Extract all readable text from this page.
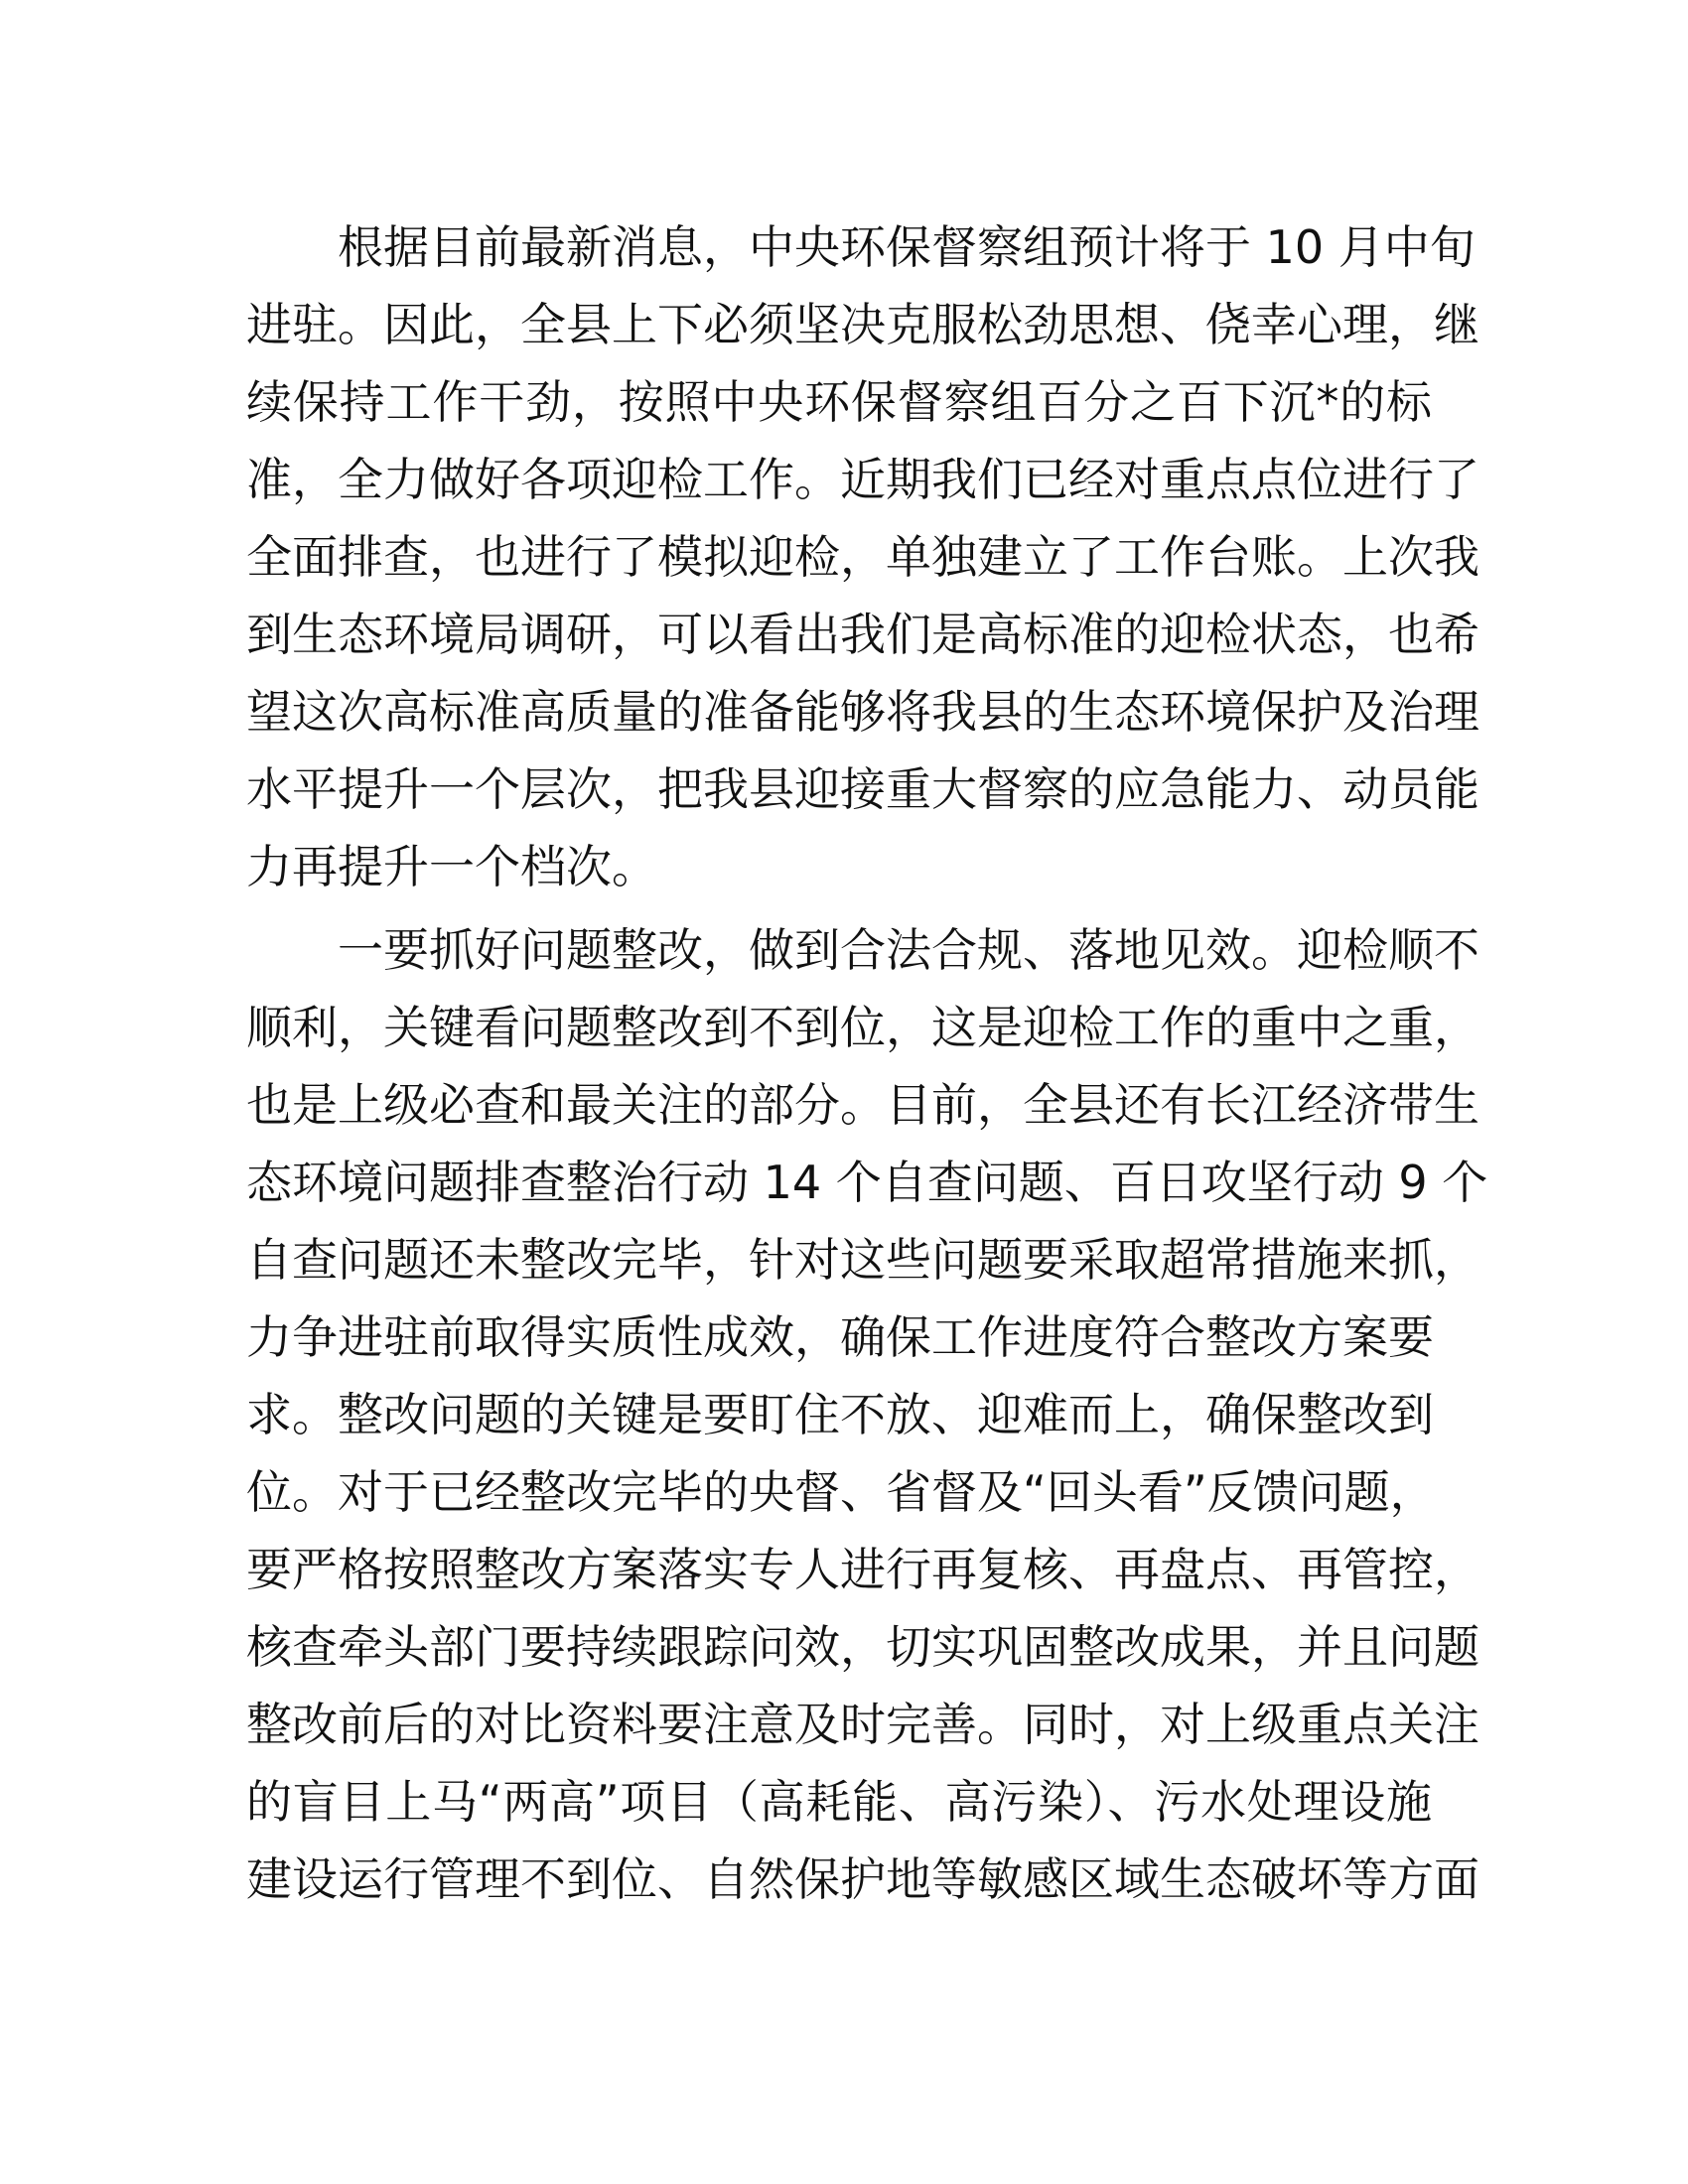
根据目前最新消息，中央环保督察组预计将于 10 月中旬
进驻。因此，全县上下必须坚决克服松劲思想、侥幸心理，继
续保持工作干劲，按照中央环保督察组百分之百下沉*的标
准，全力做好各项迎检工作。近期我们已经对重点点位进行了
全面排查，也进行了模拟迎检，单独建立了工作台账。上次我
到生态环境局调研，可以看出我们是高标准的迎检状态，也希
望这次高标准高质量的准备能够将我县的生态环境保护及治理
水平提升一个层次，把我县迎接重大督察的应急能力、动员能
力再提升一个档次。
一要抓好问题整改，做到合法合规、落地见效。迎检顺不
顺利，关键看问题整改到不到位，这是迎检工作的重中之重，
也是上级必查和最关注的部分。目前，全县还有长江经济带生
态环境问题排查整治行动 14 个自查问题、百日攻坚行动 9 个
自查问题还未整改完毕，针对这些问题要采取超常措施来抓，
力争进驻前取得实质性成效，确保工作进度符合整改方案要
求。整改问题的关键是要盯住不放、迎难而上，确保整改到
位。对于已经整改完毕的央督、省督及“回头看”反馈问题，
要严格按照整改方案落实专人进行再复核、再盘点、再管控，
核查牵头部门要持续跟踪问效，切实巩固整改成果，并且问题
整改前后的对比资料要注意及时完善。同时，对上级重点关注
的盲目上马“两高”项目（高耗能、高污染）、污水处理设施
建设运行管理不到位、自然保护地等敏感区域生态破坏等方面
